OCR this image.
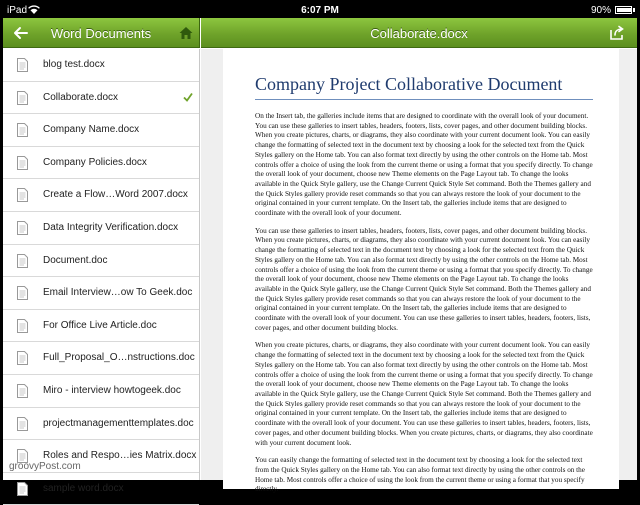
iPad	6:07 PM	90%
Word Documents	Collaborate.docx
blog test.docx
Collaborate.docx
Company Name.docx
Company Policies.docx
Create a Flow…Word 2007.docx
Data Integrity Verification.docx
Document.doc
Email Interview…ow To Geek.doc
For Office Live Article.doc
Full_Proposal_O…nstructions.doc
Miro - interview howtogeek.doc
projectmanagementtemplates.doc
Roles and Respo…ies Matrix.docx
sample word.docx
Company Project Collaborative Document

On the Insert tab, the galleries include items that are designed to coordinate with the overall look of your document. You can use these galleries to insert tables, headers, footers, lists, cover pages, and other document building blocks. When you create pictures, charts, or diagrams, they also coordinate with your current document look. You can easily change the formatting of selected text in the document text by choosing a look for the selected text from the Quick Styles gallery on the Home tab. You can also format text directly by using the other controls on the Home tab. Most controls offer a choice of using the look from the current theme or using a format that you specify directly. To change the overall look of your document, choose new Theme elements on the Page Layout tab. To change the looks available in the Quick Style gallery, use the Change Current Quick Style Set command. Both the Themes gallery and the Quick Styles gallery provide reset commands so that you can always restore the look of your document to the original contained in your current template. On the Insert tab, the galleries include items that are designed to coordinate with the overall look of your document.

You can use these galleries to insert tables, headers, footers, lists, cover pages, and other document building blocks. When you create pictures, charts, or diagrams, they also coordinate with your current document look. You can easily change the formatting of selected text in the document text by choosing a look for the selected text from the Quick Styles gallery on the Home tab. You can also format text directly by using the other controls on the Home tab. Most controls offer a choice of using the look from the current theme or using a format that you specify directly. To change the overall look of your document, choose new Theme elements on the Page Layout tab. To change the looks available in the Quick Style gallery, use the Change Current Quick Style Set command. Both the Themes gallery and the Quick Styles gallery provide reset commands so that you can always restore the look of your document to the original contained in your current template. On the Insert tab, the galleries include items that are designed to coordinate with the overall look of your document. You can use these galleries to insert tables, headers, footers, lists, cover pages, and other document building blocks.

When you create pictures, charts, or diagrams, they also coordinate with your current document look. You can easily change the formatting of selected text in the document text by choosing a look for the selected text from the Quick Styles gallery on the Home tab. You can also format text directly by using the other controls on the Home tab. Most controls offer a choice of using the look from the current theme or using a format that you specify directly. To change the overall look of your document, choose new Theme elements on the Page Layout tab. To change the looks available in the Quick Style gallery, use the Change Current Quick Style Set command. Both the Themes gallery and the Quick Styles gallery provide reset commands so that you can always restore the look of your document to the original contained in your current template. On the Insert tab, the galleries include items that are designed to coordinate with the overall look of your document. You can use these galleries to insert tables, headers, footers, lists, cover pages, and other document building blocks. When you create pictures, charts, or diagrams, they also coordinate with your current document look.

You can easily change the formatting of selected text in the document text by choosing a look for the selected text from the Quick Styles gallery on the Home tab. You can also format text directly by using the other controls on the Home tab. Most controls offer a choice of using the look from the current theme or using a format that you specify directly.

groovyPost.com
